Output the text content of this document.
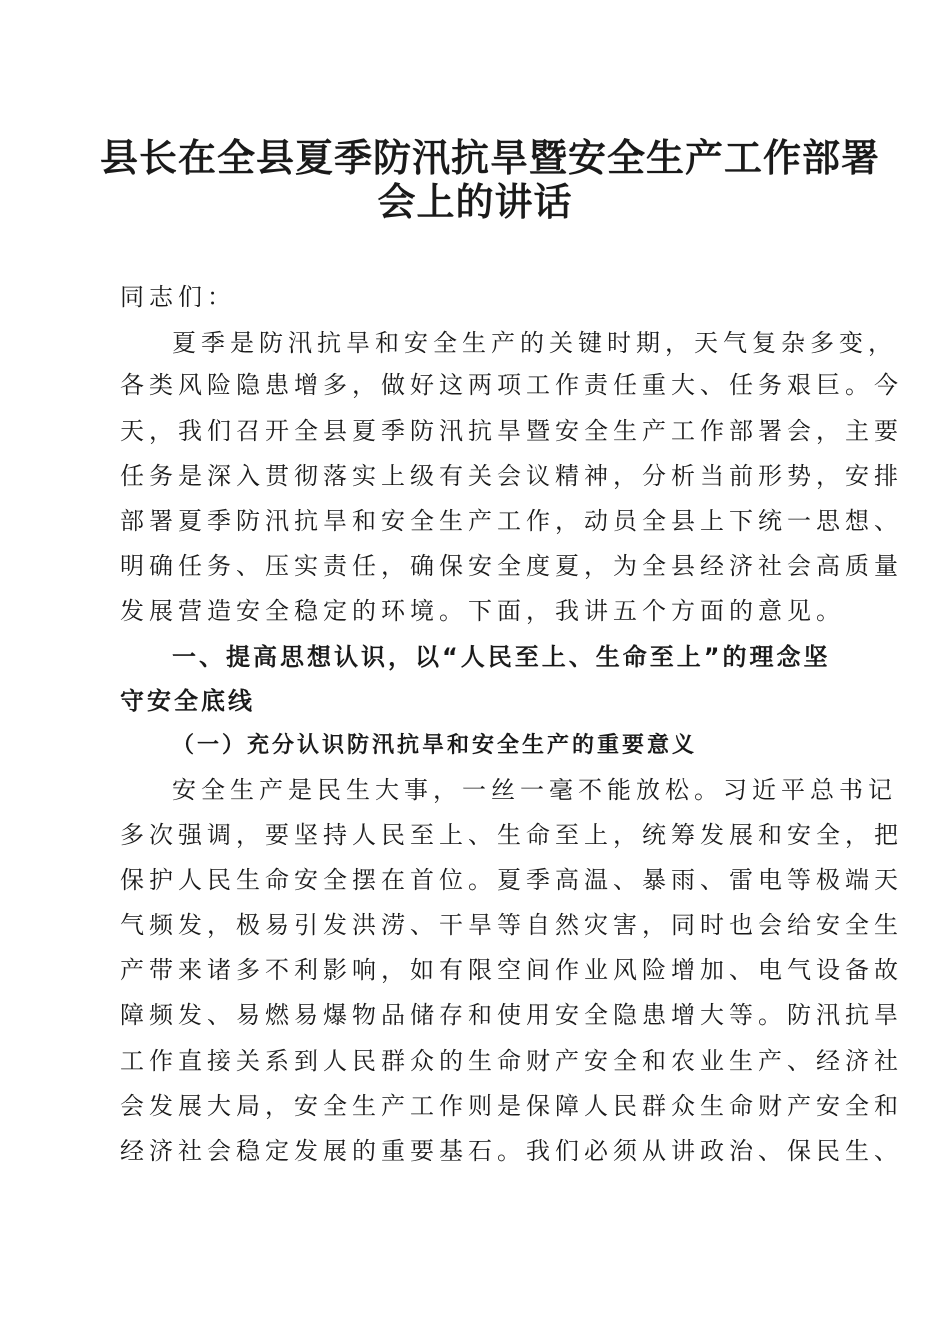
县长在全县夏季防汛抗旱暨安全生产工作部署
会上的讲话

同志们：

夏季是防汛抗旱和安全生产的关键时期，天气复杂多变，

各类风险隐患增多，做好这两项工作责任重大、任务艰巨。今

天，我们召开全县夏季防汛抗旱暨安全生产工作部署会，主要

任务是深入贯彻落实上级有关会议精神，分析当前形势，安排

部署夏季防汛抗旱和安全生产工作，动员全县上下统一思想、

明确任务、压实责任，确保安全度夏，为全县经济社会高质量

发展营造安全稳定的环境。下面，我讲五个方面的意见。

一、提高思想认识，以“人民至上、生命至上”的理念坚

守安全底线

（一）充分认识防汛抗旱和安全生产的重要意义

安全生产是民生大事，一丝一毫不能放松。习近平总书记

多次强调，要坚持人民至上、生命至上，统筹发展和安全，把

保护人民生命安全摆在首位。夏季高温、暴雨、雷电等极端天

气频发，极易引发洪涝、干旱等自然灾害，同时也会给安全生

产带来诸多不利影响，如有限空间作业风险增加、电气设备故

障频发、易燃易爆物品储存和使用安全隐患增大等。防汛抗旱

工作直接关系到人民群众的生命财产安全和农业生产、经济社

会发展大局，安全生产工作则是保障人民群众生命财产安全和

经济社会稳定发展的重要基石。我们必须从讲政治、保民生、
